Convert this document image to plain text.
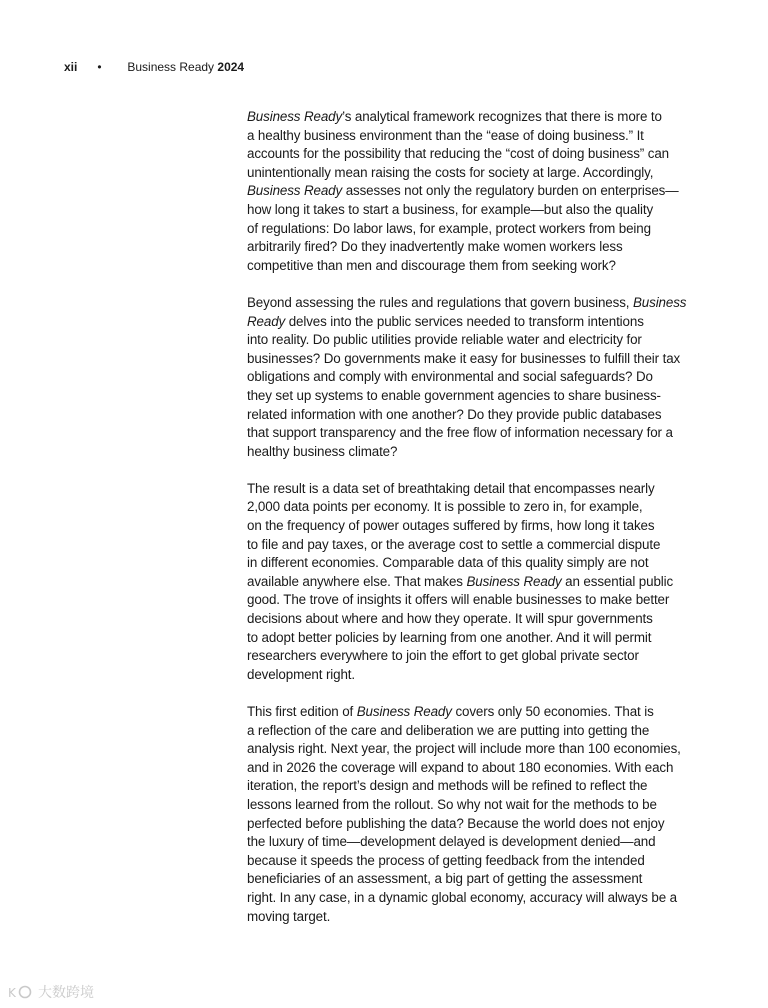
xii • Business Ready 2024
Business Ready’s analytical framework recognizes that there is more to
a healthy business environment than the “ease of doing business.” It
accounts for the possibility that reducing the “cost of doing business” can
unintentionally mean raising the costs for society at large. Accordingly,
Business Ready assesses not only the regulatory burden on enterprises—
how long it takes to start a business, for example—but also the quality
of regulations: Do labor laws, for example, protect workers from being
arbitrarily fired? Do they inadvertently make women workers less
competitive than men and discourage them from seeking work?
Beyond assessing the rules and regulations that govern business, Business
Ready delves into the public services needed to transform intentions
into reality. Do public utilities provide reliable water and electricity for
businesses? Do governments make it easy for businesses to fulfill their tax
obligations and comply with environmental and social safeguards? Do
they set up systems to enable government agencies to share business-
related information with one another? Do they provide public databases
that support transparency and the free flow of information necessary for a
healthy business climate?
The result is a data set of breathtaking detail that encompasses nearly
2,000 data points per economy. It is possible to zero in, for example,
on the frequency of power outages suffered by firms, how long it takes
to file and pay taxes, or the average cost to settle a commercial dispute
in different economies. Comparable data of this quality simply are not
available anywhere else. That makes Business Ready an essential public
good. The trove of insights it offers will enable businesses to make better
decisions about where and how they operate. It will spur governments
to adopt better policies by learning from one another. And it will permit
researchers everywhere to join the effort to get global private sector
development right.
This first edition of Business Ready covers only 50 economies. That is
a reflection of the care and deliberation we are putting into getting the
analysis right. Next year, the project will include more than 100 economies,
and in 2026 the coverage will expand to about 180 economies. With each
iteration, the report’s design and methods will be refined to reflect the
lessons learned from the rollout. So why not wait for the methods to be
perfected before publishing the data? Because the world does not enjoy
the luxury of time—development delayed is development denied—and
because it speeds the process of getting feedback from the intended
beneficiaries of an assessment, a big part of getting the assessment
right. In any case, in a dynamic global economy, accuracy will always be a
moving target.
K 大数跨境
